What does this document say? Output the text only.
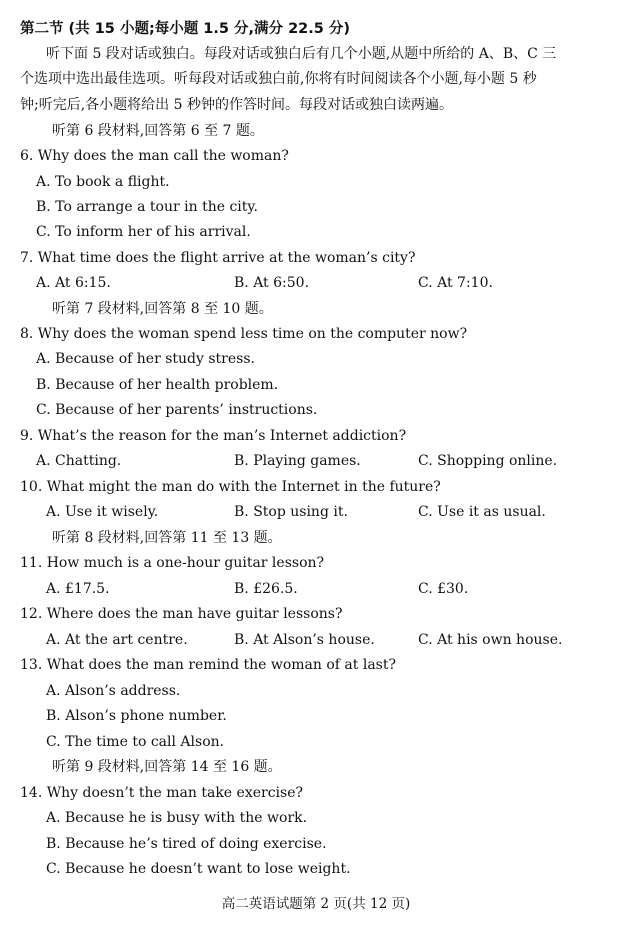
第二节 (共 15 小题;每小题 1.5 分,满分 22.5 分)
听下面 5 段对话或独白。每段对话或独白后有几个小题,从题中所给的 A、B、C 三
个选项中选出最佳选项。听每段对话或独白前,你将有时间阅读各个小题,每小题 5 秒
钟;听完后,各小题将给出 5 秒钟的作答时间。每段对话或独白读两遍。
听第 6 段材料,回答第 6 至 7 题。
6. Why does the man call the woman?
A. To book a flight.
B. To arrange a tour in the city.
C. To inform her of his arrival.
7. What time does the flight arrive at the woman’s city?
A. At 6:15.	B. At 6:50.	C. At 7:10.
听第 7 段材料,回答第 8 至 10 题。
8. Why does the woman spend less time on the computer now?
A. Because of her study stress.
B. Because of her health problem.
C. Because of her parents’ instructions.
9. What’s the reason for the man’s Internet addiction?
A. Chatting.	B. Playing games.	C. Shopping online.
10. What might the man do with the Internet in the future?
A. Use it wisely.	B. Stop using it.	C. Use it as usual.
听第 8 段材料,回答第 11 至 13 题。
11. How much is a one-hour guitar lesson?
A. £17.5.	B. £26.5.	C. £30.
12. Where does the man have guitar lessons?
A. At the art centre.	B. At Alson’s house.	C. At his own house.
13. What does the man remind the woman of at last?
A. Alson’s address.
B. Alson’s phone number.
C. The time to call Alson.
听第 9 段材料,回答第 14 至 16 题。
14. Why doesn’t the man take exercise?
A. Because he is busy with the work.
B. Because he’s tired of doing exercise.
C. Because he doesn’t want to lose weight.
高二英语试题第 2 页(共 12 页)
